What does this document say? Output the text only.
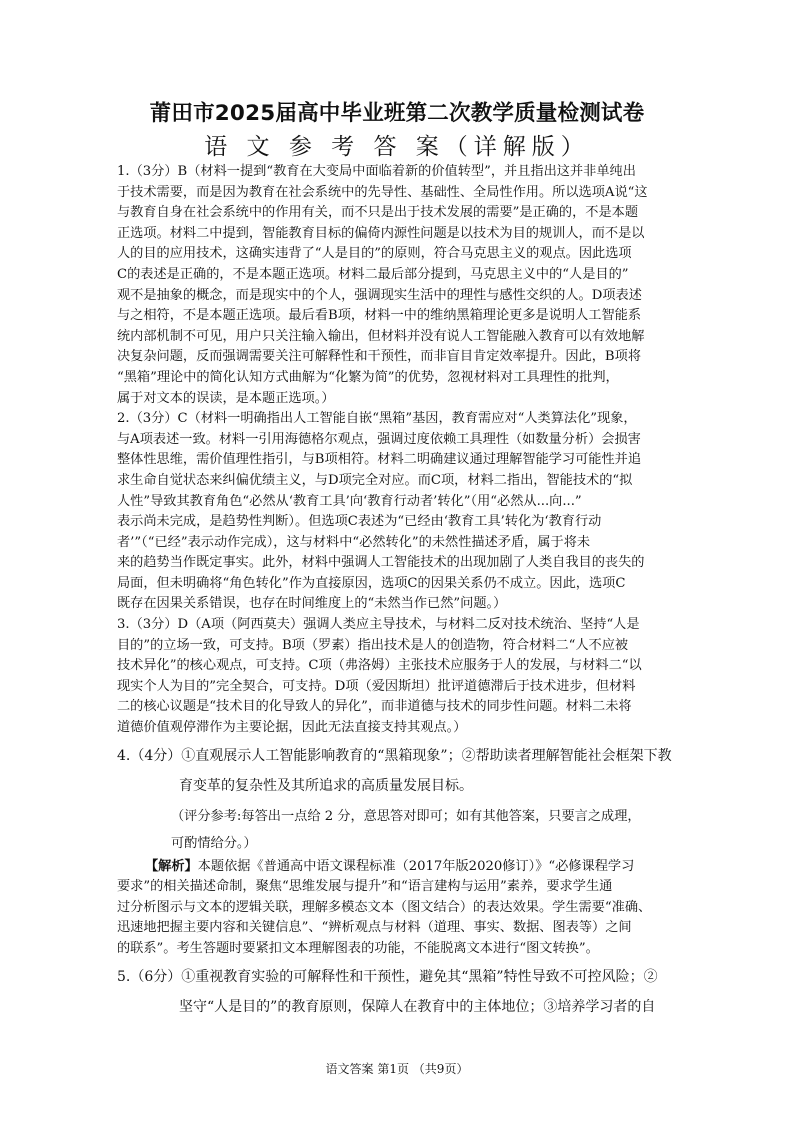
莆田市2025届高中毕业班第二次教学质量检测试卷
语 文 参 考 答 案（详解版）
1.（3分）B（材料一提到“教育在大变局中面临着新的价值转型”，并且指出这并非单纯出
于技术需要，而是因为教育在社会系统中的先导性、基础性、全局性作用。所以选项A说“这
与教育自身在社会系统中的作用有关，而不只是出于技术发展的需要”是正确的，不是本题
正选项。材料二中提到，智能教育目标的偏倚内源性问题是以技术为目的规训人，而不是以
人的目的应用技术，这确实违背了“人是目的”的原则，符合马克思主义的观点。因此选项
C的表述是正确的，不是本题正选项。材料二最后部分提到，马克思主义中的“人是目的”
观不是抽象的概念，而是现实中的个人，强调现实生活中的理性与感性交织的人。D项表述
与之相符，不是本题正选项。最后看B项，材料一中的维纳黑箱理论更多是说明人工智能系
统内部机制不可见，用户只关注输入输出，但材料并没有说人工智能融入教育可以有效地解
决复杂问题，反而强调需要关注可解释性和干预性，而非盲目肯定效率提升。因此，B项将
“黑箱”理论中的简化认知方式曲解为“化繁为简”的优势，忽视材料对工具理性的批判，
属于对文本的误读，是本题正选项。）
2.（3分）C（材料一明确指出人工智能自嵌“黑箱”基因，教育需应对“人类算法化”现象，
与A项表述一致。材料一引用海德格尔观点，强调过度依赖工具理性（如数量分析）会损害
整体性思维，需价值理性指引，与B项相符。材料二明确建议通过理解智能学习可能性并追
求生命自觉状态来纠偏优绩主义，与D项完全对应。而C项，材料二指出，智能技术的“拟
人性”导致其教育角色“必然从‘教育工具’向‘教育行动者’转化”（用“必然从...向...”
表示尚未完成，是趋势性判断）。但选项C表述为“已经由‘教育工具’转化为‘教育行动
者’”（“已经”表示动作完成），这与材料中“必然转化”的未然性描述矛盾，属于将未
来的趋势当作既定事实。此外，材料中强调人工智能技术的出现加剧了人类自我目的丧失的
局面，但未明确将“角色转化”作为直接原因，选项C的因果关系仍不成立。因此，选项C
既存在因果关系错误，也存在时间维度上的“未然当作已然”问题。）
3.（3分）D（A项（阿西莫夫）强调人类应主导技术，与材料二反对技术统治、坚持“人是
目的”的立场一致，可支持。B项（罗素）指出技术是人的创造物，符合材料二“人不应被
技术异化”的核心观点，可支持。C项（弗洛姆）主张技术应服务于人的发展，与材料二“以
现实个人为目的”完全契合，可支持。D项（爱因斯坦）批评道德滞后于技术进步，但材料
二的核心议题是“技术目的化导致人的异化”，而非道德与技术的同步性问题。材料二未将
道德价值观停滞作为主要论据，因此无法直接支持其观点。）
4.（4分）①直观展示人工智能影响教育的“黑箱现象”；②帮助读者理解智能社会框架下教
育变革的复杂性及其所追求的高质量发展目标。
（评分参考:每答出一点给 2 分，意思答对即可；如有其他答案，只要言之成理，
可酌情给分。）
【解析】本题依据《普通高中语文课程标准（2017年版2020修订）》“必修课程学习
要求”的相关描述命制，聚焦“思维发展与提升”和“语言建构与运用”素养，要求学生通
过分析图示与文本的逻辑关联，理解多模态文本（图文结合）的表达效果。学生需要“准确、
迅速地把握主要内容和关键信息”、“辨析观点与材料（道理、事实、数据、图表等）之间
的联系”。考生答题时要紧扣文本理解图表的功能，不能脱离文本进行“图文转换”。
5.（6分）①重视教育实验的可解释性和干预性，避免其“黑箱”特性导致不可控风险；②
坚守“人是目的”的教育原则，保障人在教育中的主体地位；③培养学习者的自
语文答案 第1页 （共9页）
